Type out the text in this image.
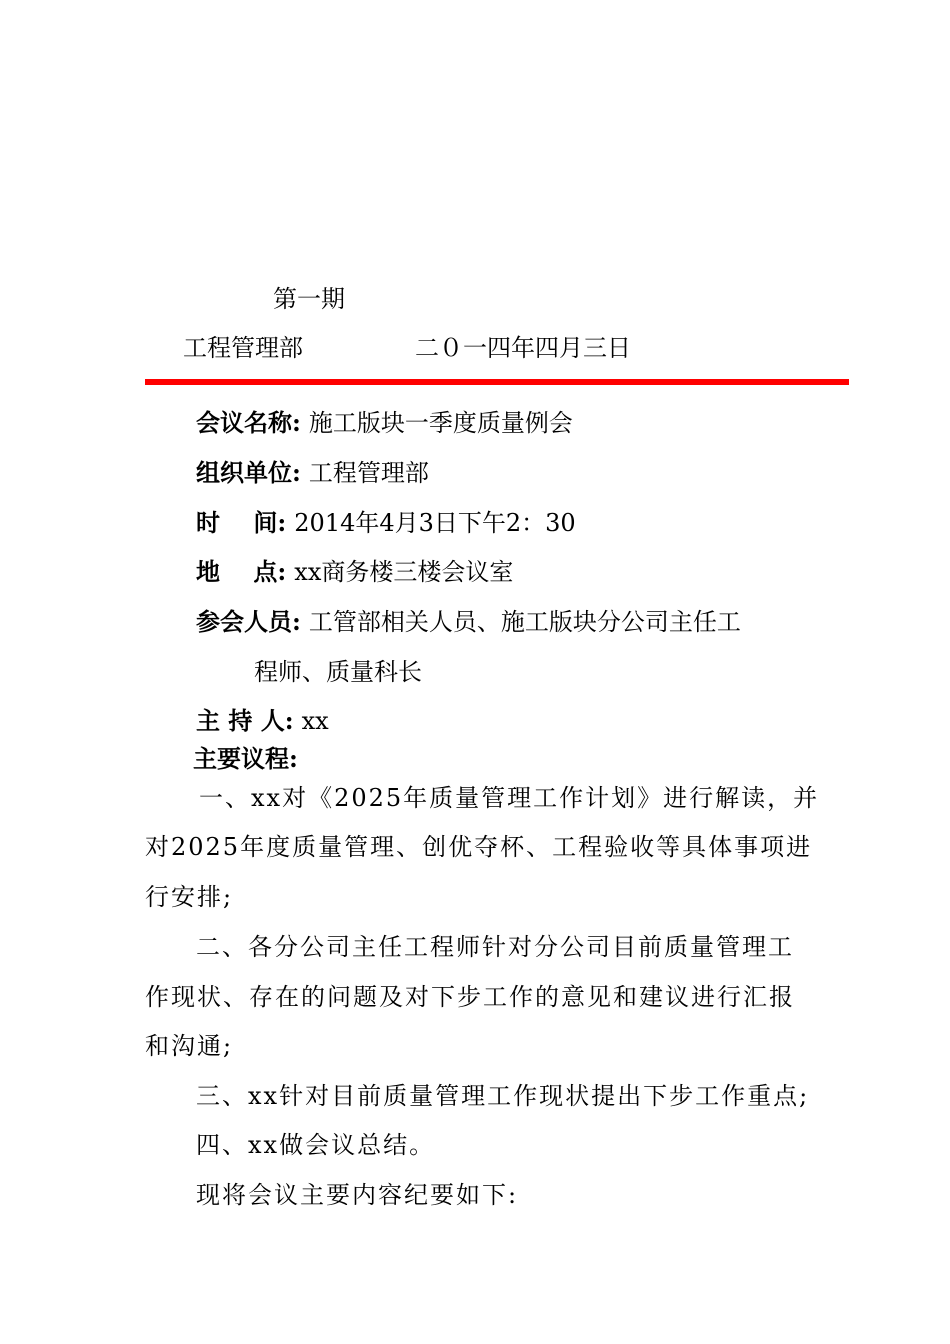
第一期
工程管理部	二０一四年四月三日
会议名称: 施工版块一季度质量例会
组织单位: 工程管理部
时    间: 2014年4月3日下午2：30
地    点: xx商务楼三楼会议室
参会人员: 工管部相关人员、施工版块分公司主任工
程师、质量科长
主 持 人: xx
主要议程:
一、xx对《2025年质量管理工作计划》进行解读，并
对2025年度质量管理、创优夺杯、工程验收等具体事项进
行安排;
二、各分公司主任工程师针对分公司目前质量管理工
作现状、存在的问题及对下步工作的意见和建议进行汇报
和沟通;
三、xx针对目前质量管理工作现状提出下步工作重点;
四、xx做会议总结。
现将会议主要内容纪要如下:
